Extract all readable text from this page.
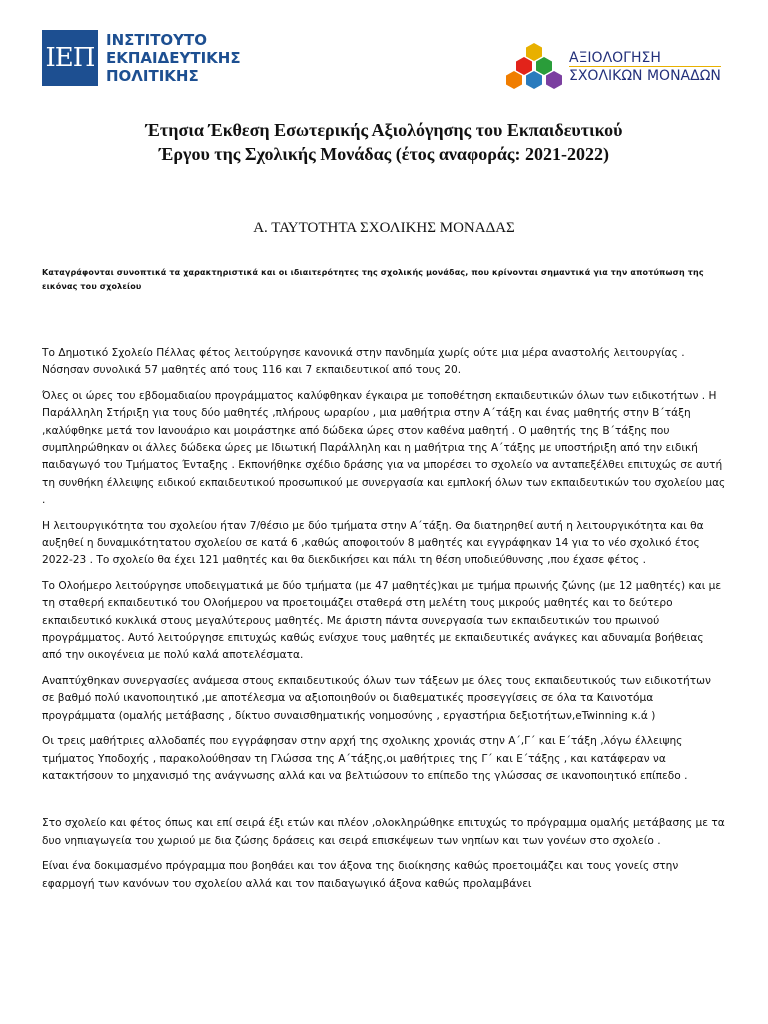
ΙΕΠ
ΙΝΣΤΙΤΟΥΤΟ
ΕΚΠΑΙΔΕΥΤΙΚΗΣ
ΠΟΛΙΤΙΚΗΣ
ΑΞΙΟΛΟΓΗΣΗ
ΣΧΟΛΙΚΩΝ ΜΟΝΑΔΩΝ
Έτησια Έκθεση Εσωτερικής Αξιολόγησης του Εκπαιδευτικού
Έργου της Σχολικής Μονάδας (έτος αναφοράς: 2021-2022)
Α. ΤΑΥΤΟΤΗΤΑ ΣΧΟΛΙΚΗΣ ΜΟΝΑΔΑΣ
Καταγράφονται συνοπτικά τα χαρακτηριστικά και οι ιδιαιτερότητες της σχολικής μονάδας, που κρίνονται σημαντικά για την αποτύπωση της εικόνας του σχολείου

Το Δημοτικό Σχολείο Πέλλας φέτος λειτούργησε κανονικά στην πανδημία χωρίς ούτε μια μέρα αναστολής λειτουργίας . Νόσησαν συνολικά 57 μαθητές από τους 116 και 7 εκπαιδευτικοί από τους 20.

Όλες οι ώρες του εβδομαδιαίου προγράμματος καλύφθηκαν έγκαιρα με τοποθέτηση εκπαιδευτικών όλων των ειδικοτήτων . Η Παράλληλη Στήριξη για τους δύο μαθητές ,πλήρους ωραρίου , μια μαθήτρια στην Α΄τάξη και ένας μαθητής στην Β΄τάξη ,καλύφθηκε μετά τον Ιανουάριο και μοιράστηκε από δώδεκα ώρες στον καθένα μαθητή . Ο μαθητής της Β΄τάξης που συμπληρώθηκαν οι άλλες δώδεκα ώρες με Ιδιωτική Παράλληλη και η μαθήτρια της Α΄τάξης με υποστήριξη από την ειδική παιδαγωγό του Τμήματος Ένταξης . Εκπονήθηκε σχέδιο δράσης για να μπορέσει το σχολείο να ανταπεξέλθει επιτυχώς σε αυτή τη συνθήκη έλλειψης ειδικού εκπαιδευτικού προσωπικού με συνεργασία και εμπλοκή όλων των εκπαιδευτικών του σχολείου μας .

Η λειτουργικότητα του σχολείου ήταν 7/θέσιο με δύο τμήματα στην Α΄τάξη. Θα διατηρηθεί αυτή η λειτουργικότητα και θα αυξηθεί η δυναμικότητατου σχολείου σε κατά 6 ,καθώς αποφοιτούν 8 μαθητές και εγγράφηκαν 14 για το νέο σχολικό έτος 2022-23 . Το σχολείο θα έχει 121 μαθητές και θα διεκδικήσει και πάλι τη θέση υποδιεύθυνσης ,που έχασε φέτος .

Το Ολοήμερο λειτούργησε υποδειγματικά με δύο τμήματα (με 47 μαθητές)και με τμήμα πρωινής ζώνης (με 12 μαθητές) και με τη σταθερή εκπαιδευτικό του Ολοήμερου να προετοιμάζει σταθερά στη μελέτη τους μικρούς μαθητές και το δεύτερο εκπαιδευτικό κυκλικά στους μεγαλύτερους μαθητές. Με άριστη πάντα συνεργασία των εκπαιδευτικών του πρωινού προγράμματος. Αυτό λειτούργησε επιτυχώς καθώς ενίσχυε τους μαθητές με εκπαιδευτικές ανάγκες και αδυναμία βοήθειας από την οικογένεια με πολύ καλά αποτελέσματα.

Αναπτύχθηκαν συνεργασίες ανάμεσα στους εκπαιδευτικούς όλων των τάξεων με όλες τους εκπαιδευτικούς των ειδικοτήτων σε βαθμό πολύ ικανοποιητικό ,με αποτέλεσμα να αξιοποιηθούν οι διαθεματικές προσεγγίσεις σε όλα τα Καινοτόμα προγράμματα (ομαλής μετάβασης , δίκτυο συναισθηματικής νοημοσύνης , εργαστήρια δεξιοτήτων,eTwinning κ.ά )

Οι τρεις μαθήτριες αλλοδαπές που εγγράφησαν στην αρχή της σχολικης χρονιάς στην Α΄,Γ΄ και Ε΄τάξη ,λόγω έλλειψης τμήματος Υποδοχής , παρακολούθησαν τη Γλώσσα της Α΄τάξης,οι μαθήτριες της Γ΄ και Ε΄τάξης , και κατάφεραν να κατακτήσουν το μηχανισμό της ανάγνωσης αλλά και να βελτιώσουν το επίπεδο της γλώσσας σε ικανοποιητικό επίπεδο .

Στο σχολείο και φέτος όπως και επί σειρά έξι ετών και πλέον ,ολοκληρώθηκε επιτυχώς το πρόγραμμα ομαλής μετάβασης με τα δυο νηπιαγωγεία του χωριού με δια ζώσης δράσεις και σειρά επισκέψεων των νηπίων και των γονέων στο σχολείο .

Είναι ένα δοκιμασμένο πρόγραμμα που βοηθάει και τον άξονα της διοίκησης καθώς προετοιμάζει και τους γονείς στην εφαρμογή των κανόνων του σχολείου αλλά και τον παιδαγωγικό άξονα καθώς προλαμβάνει
